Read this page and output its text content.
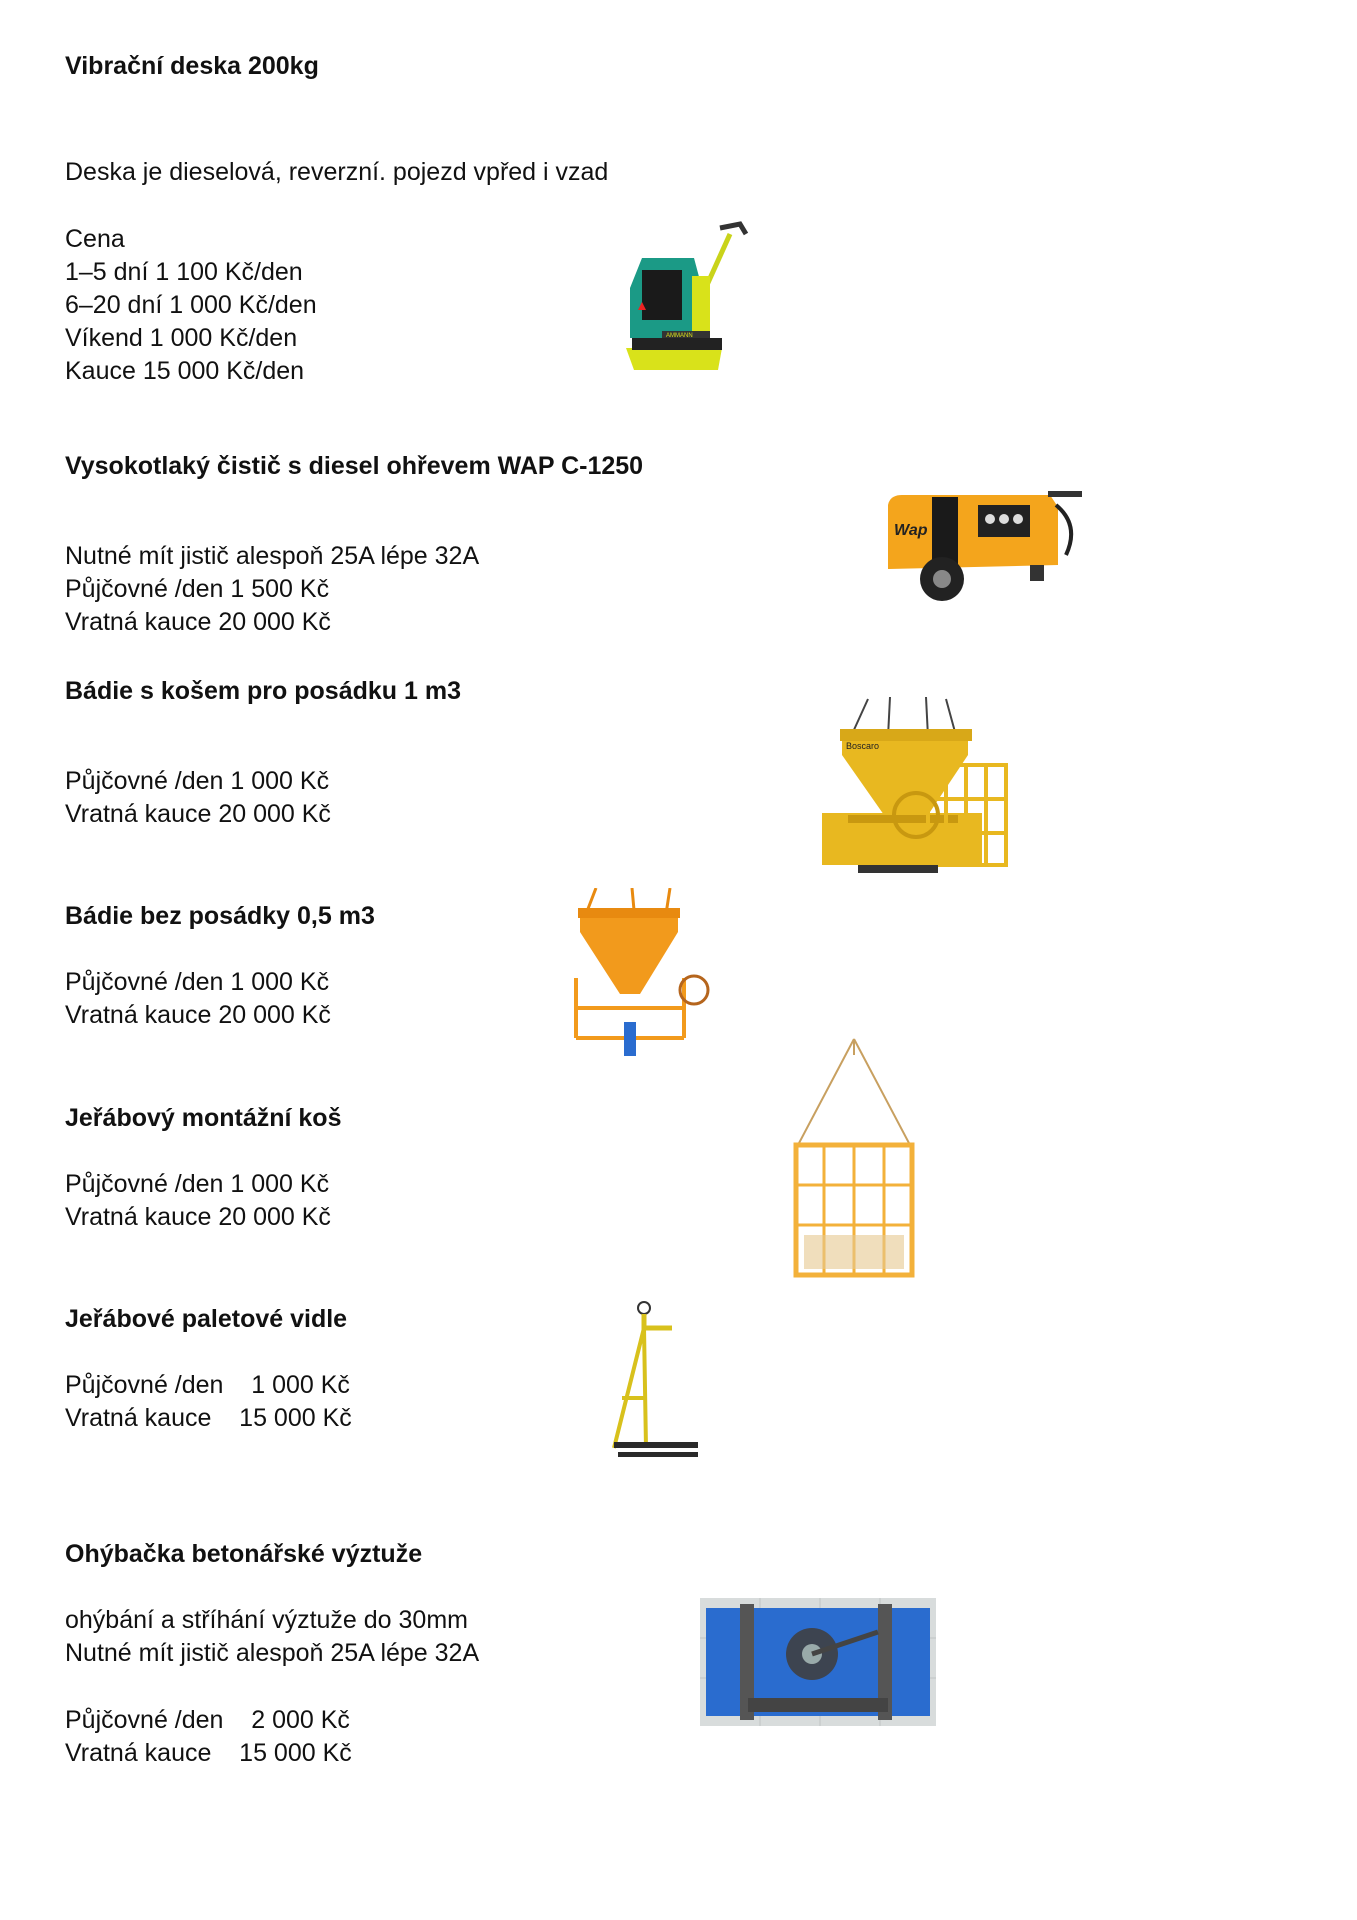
Vibrační deska 200kg
Deska je dieselová, reverzní. pojezd vpřed i vzad
Cena
1–5 dní 1 100 Kč/den
6–20 dní 1 000 Kč/den
Víkend 1 000 Kč/den
Kauce 15 000 Kč/den
AMMANN
Vysokotlaký čistič s diesel ohřevem WAP C-1250
Nutné mít jistič alespoň 25A lépe 32A
Půjčovné /den 1 500 Kč
Vratná kauce 20 000 Kč
Wap
Bádie s košem pro posádku 1 m3
Půjčovné /den 1 000 Kč
Vratná kauce 20 000 Kč
Boscaro
Bádie bez posádky 0,5 m3
Půjčovné /den 1 000 Kč
Vratná kauce 20 000 Kč
Jeřábový montážní koš
Půjčovné /den 1 000 Kč
Vratná kauce 20 000 Kč
Jeřábové paletové vidle
Půjčovné /den    1 000 Kč
Vratná kauce    15 000 Kč
Ohýbačka betonářské výztuže
ohýbání a stříhání výztuže do 30mm
Nutné mít jistič alespoň 25A lépe 32A
Půjčovné /den    2 000 Kč
Vratná kauce    15 000 Kč
